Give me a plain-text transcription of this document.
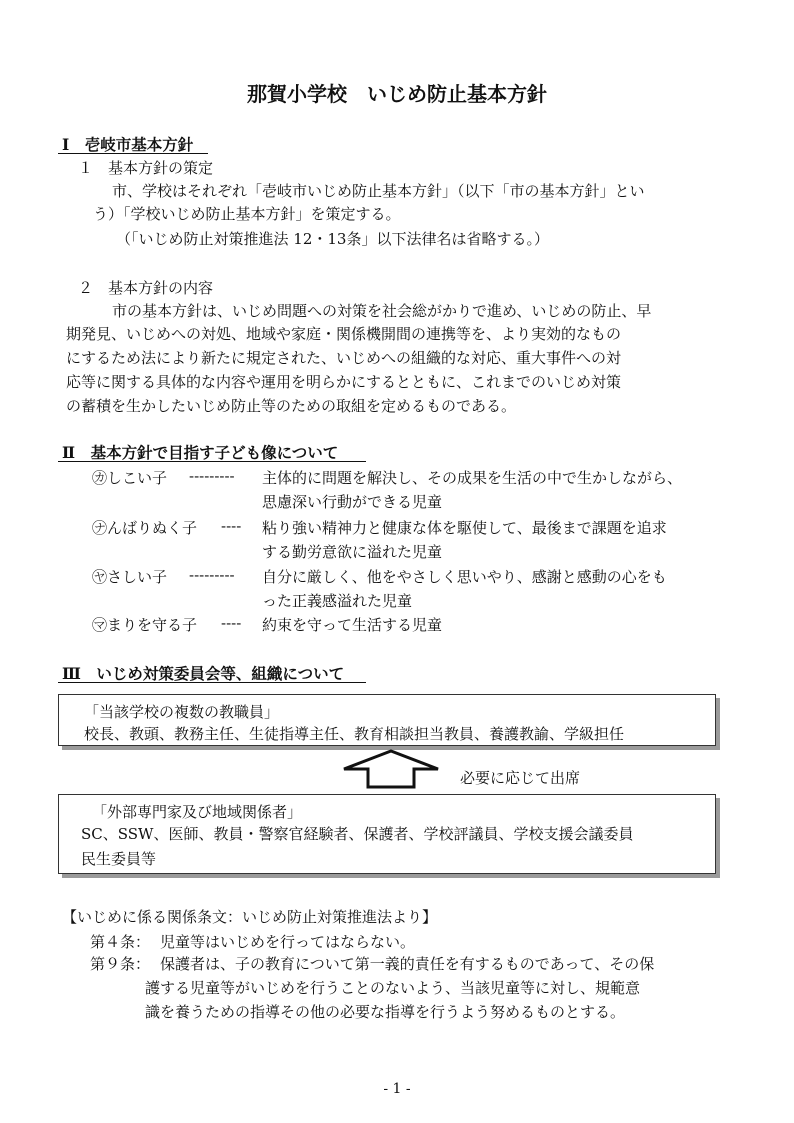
那賀小学校　いじめ防止基本方針
Ⅰ　壱岐市基本方針
１　基本方針の策定
市、学校はそれぞれ「壱岐市いじめ防止基本方針」（以下「市の基本方針」とい
う）「学校いじめ防止基本方針」を策定する。
（「いじめ防止対策推進法 12・13条」以下法律名は省略する。）
２　基本方針の内容
市の基本方針は、いじめ問題への対策を社会総がかりで進め、いじめの防止、早
期発見、いじめへの対処、地域や家庭・関係機開間の連携等を、より実効的なもの
にするため法により新たに規定された、いじめへの組織的な対応、重大事件への対
応等に関する具体的な内容や運用を明らかにするとともに、これまでのいじめ対策
の蓄積を生かしたいじめ防止等のための取組を定めるものである。
Ⅱ　基本方針で目指す子ども像について
㋕しこい子 --------- 主体的に問題を解決し、その成果を生活の中で生かしながら、
思慮深い行動ができる児童
㋤んばりぬく子 ---- 粘り強い精神力と健康な体を駆使して、最後まで課題を追求
する勤労意欲に溢れた児童
㋳さしい子 --------- 自分に厳しく、他をやさしく思いやり、感謝と感動の心をも
った正義感溢れた児童
㋮まりを守る子 ---- 約束を守って生活する児童
Ⅲ　いじめ対策委員会等、組織について
「当該学校の複数の教職員」
校長、教頭、教務主任、生徒指導主任、教育相談担当教員、養護教諭、学級担任
必要に応じて出席
「外部専門家及び地域関係者」
SC、SSW、医師、教員・警察官経験者、保護者、学校評議員、学校支援会議委員
民生委員等
【いじめに係る関係条文：いじめ防止対策推進法より】
第４条： 児童等はいじめを行ってはならない。
第９条： 保護者は、子の教育について第一義的責任を有するものであって、その保
護する児童等がいじめを行うことのないよう、当該児童等に対し、規範意
識を養うための指導その他の必要な指導を行うよう努めるものとする。
- 1 -
